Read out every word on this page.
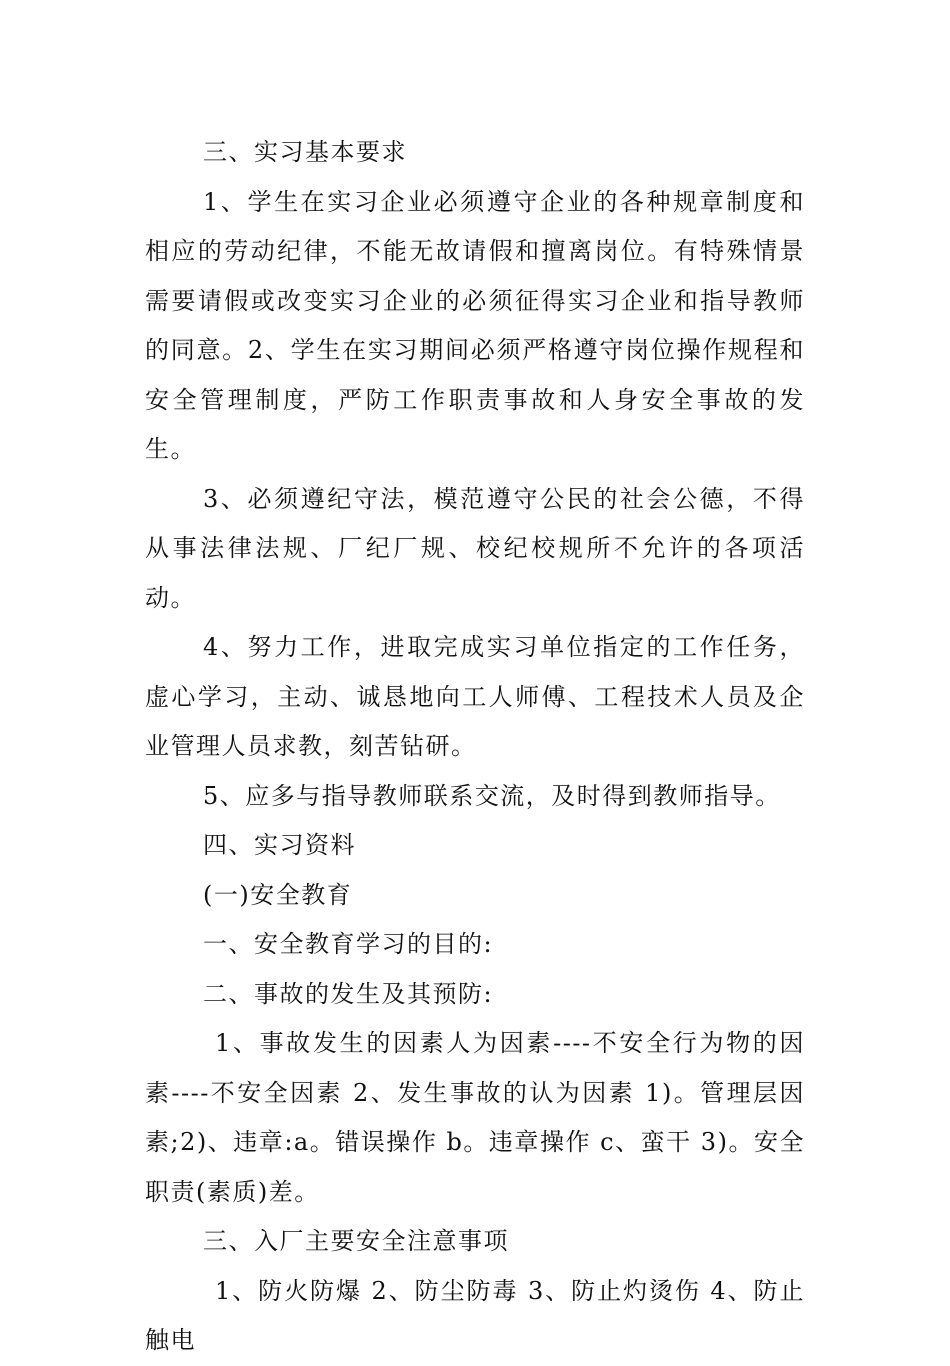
三、实习基本要求

1、学生在实习企业必须遵守企业的各种规章制度和相应的劳动纪律，不能无故请假和擅离岗位。有特殊情景需要请假或改变实习企业的必须征得实习企业和指导教师的同意。2、学生在实习期间必须严格遵守岗位操作规程和安全管理制度，严防工作职责事故和人身安全事故的发生。

3、必须遵纪守法，模范遵守公民的社会公德，不得从事法律法规、厂纪厂规、校纪校规所不允许的各项活动。

4、努力工作，进取完成实习单位指定的工作任务，虚心学习，主动、诚恳地向工人师傅、工程技术人员及企业管理人员求教，刻苦钻研。

5、应多与指导教师联系交流，及时得到教师指导。

四、实习资料

(一)安全教育

一、安全教育学习的目的:

二、事故的发生及其预防:

1、事故发生的因素人为因素----不安全行为物的因素----不安全因素 2、发生事故的认为因素 1)。管理层因素;2)、违章:a。错误操作 b。违章操作 c、蛮干 3)。安全职责(素质)差。

三、入厂主要安全注意事项

1、防火防爆 2、防尘防毒 3、防止灼烫伤 4、防止触电
